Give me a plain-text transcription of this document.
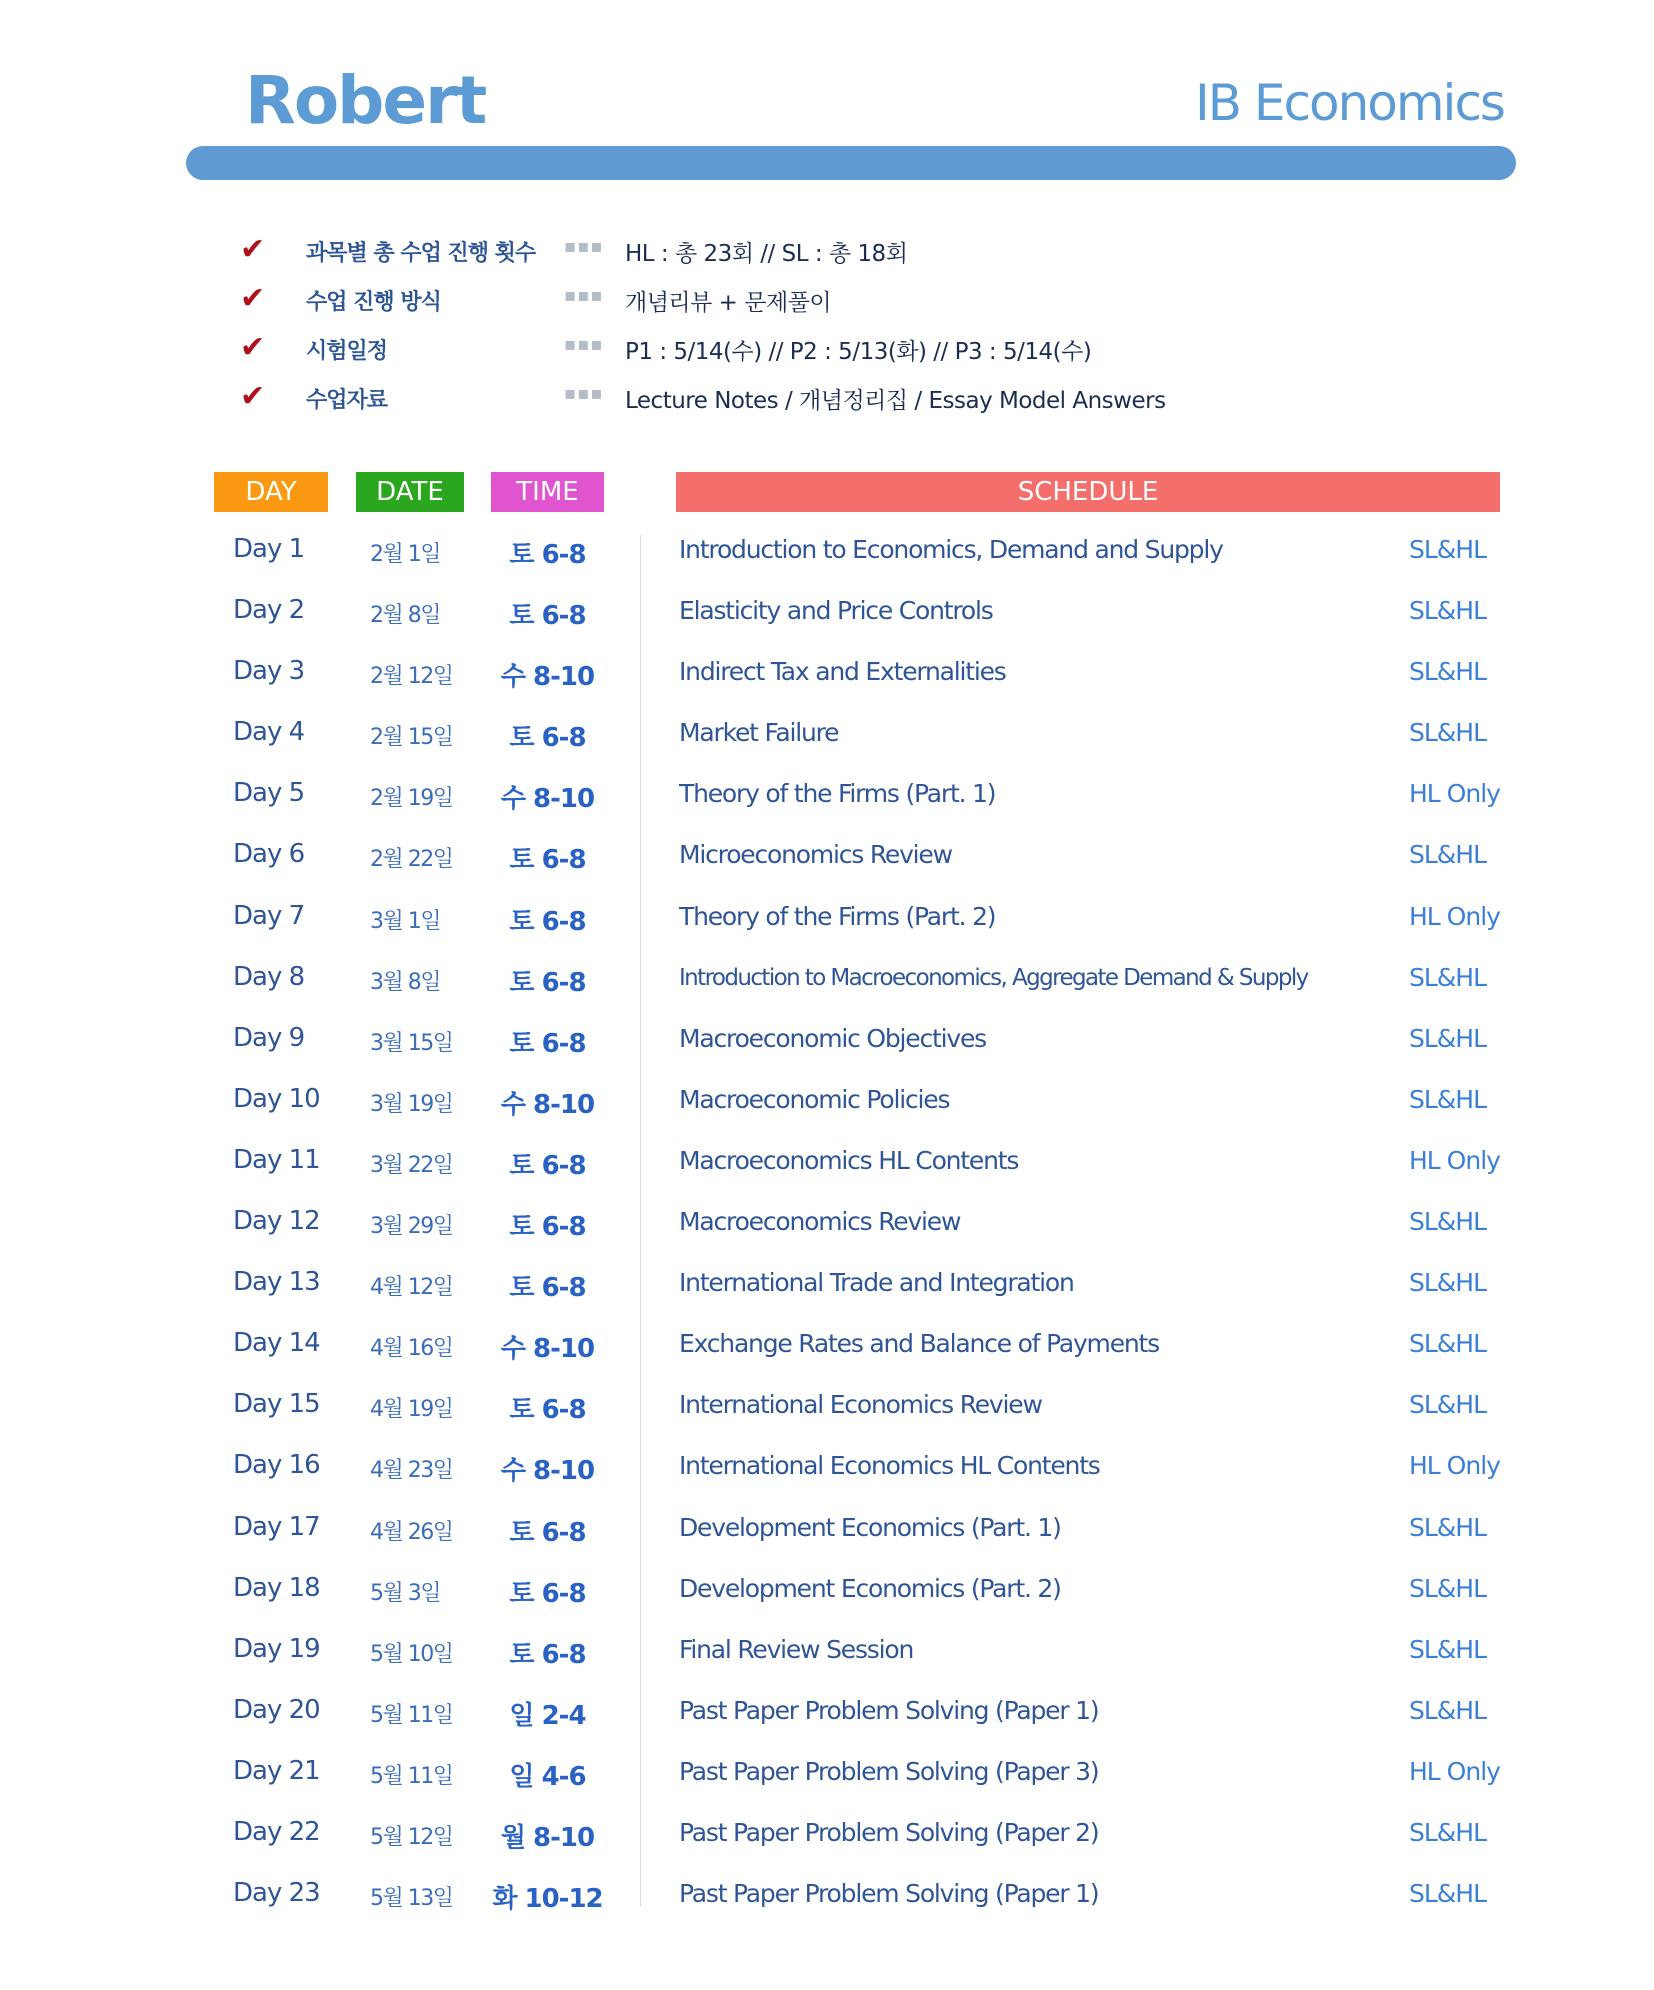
Robert	IB Economics
✔	과목별 총 수업 진행 횟수 ▪▪▪ HL : 총 23회 // SL : 총 18회
✔	수업 진행 방식	▪▪▪ 개념리뷰 + 문제풀이
✔	시험일정	▪▪▪ P1 : 5/14(수) // P2 : 5/13(화) // P3 : 5/14(수)
✔	수업자료	▪▪▪ Lecture Notes / 개념정리집 / Essay Model Answers
DAY	DATE	TIME	SCHEDULE
Day 1	2월 1일	토 6-8	Introduction to Economics, Demand and Supply	SL&HL
Day 2	2월 8일	토 6-8	Elasticity and Price Controls	SL&HL
Day 3	2월 12일	수 8-10	Indirect Tax and Externalities	SL&HL
Day 4	2월 15일	토 6-8	Market Failure	SL&HL
Day 5	2월 19일	수 8-10	Theory of the Firms (Part. 1)	HL Only
Day 6	2월 22일	토 6-8	Microeconomics Review	SL&HL
Day 7	3월 1일	토 6-8	Theory of the Firms (Part. 2)	HL Only
Day 8	3월 8일	토 6-8	Introduction to Macroeconomics, Aggregate Demand & Supply	SL&HL
Day 9	3월 15일	토 6-8	Macroeconomic Objectives	SL&HL
Day 10 3월 19일	수 8-10	Macroeconomic Policies	SL&HL
Day 11 3월 22일	토 6-8	Macroeconomics HL Contents	HL Only
Day 12 3월 29일	토 6-8	Macroeconomics Review	SL&HL
Day 13 4월 12일	토 6-8	International Trade and Integration	SL&HL
Day 14 4월 16일	수 8-10	Exchange Rates and Balance of Payments	SL&HL
Day 15 4월 19일	토 6-8	International Economics Review	SL&HL
Day 16 4월 23일	수 8-10	International Economics HL Contents	HL Only
Day 17 4월 26일	토 6-8	Development Economics (Part. 1)	SL&HL
Day 18 5월 3일	토 6-8	Development Economics (Part. 2)	SL&HL
Day 19 5월 10일	토 6-8	Final Review Session	SL&HL
Day 20 5월 11일	일 2-4	Past Paper Problem Solving (Paper 1)	SL&HL
Day 21 5월 11일	일 4-6	Past Paper Problem Solving (Paper 3)	HL Only
Day 22 5월 12일	월 8-10	Past Paper Problem Solving (Paper 2)	SL&HL
Day 23 5월 13일 화 10-12	Past Paper Problem Solving (Paper 1)	SL&HL
